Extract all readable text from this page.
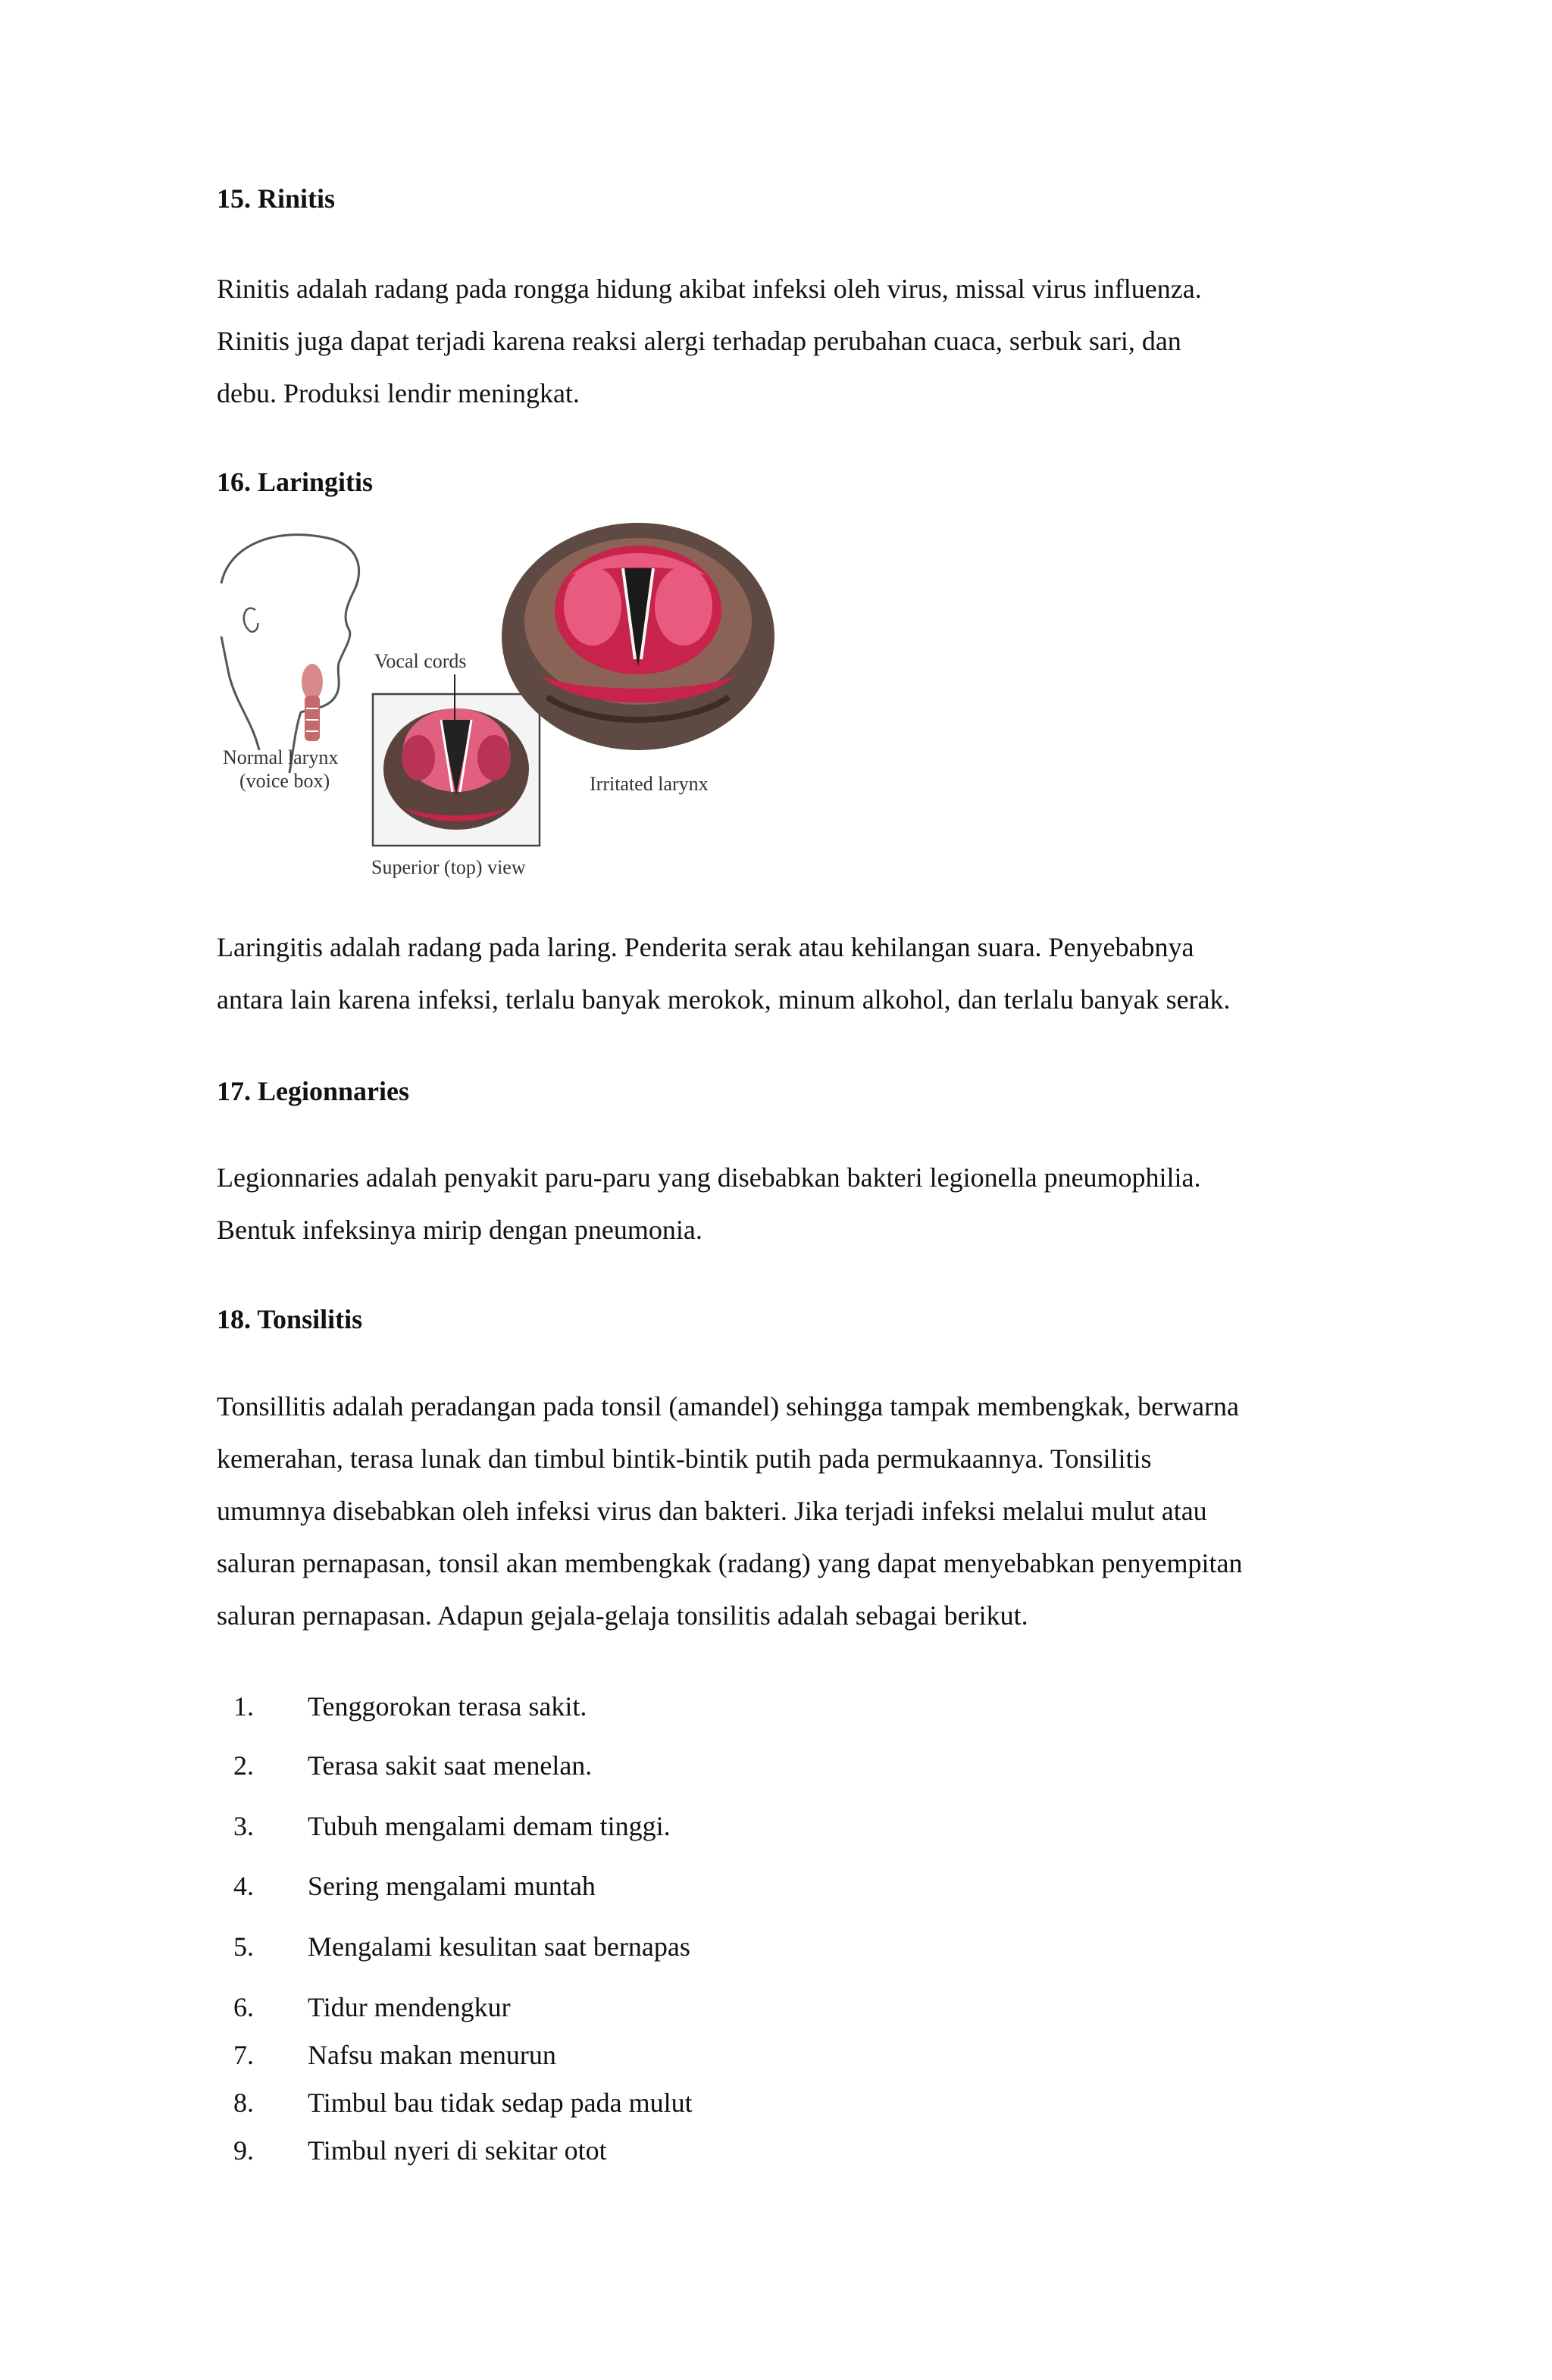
15. Rinitis

Rinitis adalah radang pada rongga hidung akibat infeksi oleh virus, missal virus influenza.

Rinitis juga dapat terjadi karena reaksi alergi terhadap perubahan cuaca, serbuk sari, dan

debu. Produksi lendir meningkat.

16. Laringitis
Vocal cords
Normal larynx
(voice box)	Irritated larynx
Superior (top) view

Laringitis adalah radang pada laring. Penderita serak atau kehilangan suara. Penyebabnya

antara lain karena infeksi, terlalu banyak merokok, minum alkohol, dan terlalu banyak serak.

17. Legionnaries

Legionnaries adalah penyakit paru-paru yang disebabkan bakteri legionella pneumophilia.

Bentuk infeksinya mirip dengan pneumonia.

18. Tonsilitis

Tonsillitis adalah peradangan pada tonsil (amandel) sehingga tampak membengkak, berwarna

kemerahan, terasa lunak dan timbul bintik-bintik putih pada permukaannya. Tonsilitis

umumnya disebabkan oleh infeksi virus dan bakteri. Jika terjadi infeksi melalui mulut atau

saluran pernapasan, tonsil akan membengkak (radang) yang dapat menyebabkan penyempitan

saluran pernapasan. Adapun gejala-gelaja tonsilitis adalah sebagai berikut.

1.	Tenggorokan terasa sakit.
2.	Terasa sakit saat menelan.
3.	Tubuh mengalami demam tinggi.
4.	Sering mengalami muntah
5.	Mengalami kesulitan saat bernapas
6.	Tidur mendengkur
7.	Nafsu makan menurun
8.	Timbul bau tidak sedap pada mulut
9.	Timbul nyeri di sekitar otot
